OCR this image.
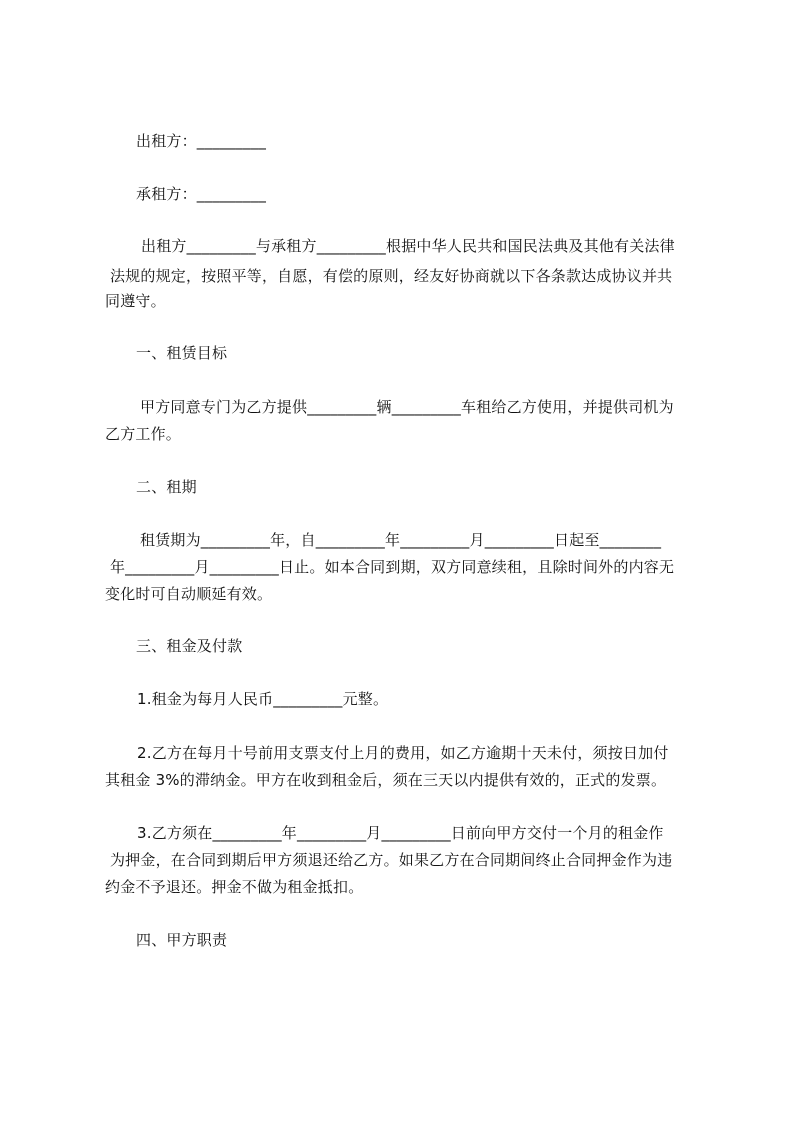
出租方：_________
承租方：_________
出租方_________与承租方_________根据中华人民共和国民法典及其他有关法律
法规的规定，按照平等，自愿，有偿的原则，经友好协商就以下各条款达成协议并共
同遵守。
一、租赁目标
甲方同意专门为乙方提供_________辆_________车租给乙方使用，并提供司机为
乙方工作。
二、租期
租赁期为_________年，自_________年_________月_________日起至________
年_________月_________日止。如本合同到期，双方同意续租，且除时间外的内容无
变化时可自动顺延有效。
三、租金及付款
1.租金为每月人民币_________元整。
2.乙方在每月十号前用支票支付上月的费用，如乙方逾期十天未付，须按日加付
其租金 3%的滞纳金。甲方在收到租金后，须在三天以内提供有效的，正式的发票。
3.乙方须在_________年_________月_________日前向甲方交付一个月的租金作
为押金，在合同到期后甲方须退还给乙方。如果乙方在合同期间终止合同押金作为违
约金不予退还。押金不做为租金抵扣。
四、甲方职责
